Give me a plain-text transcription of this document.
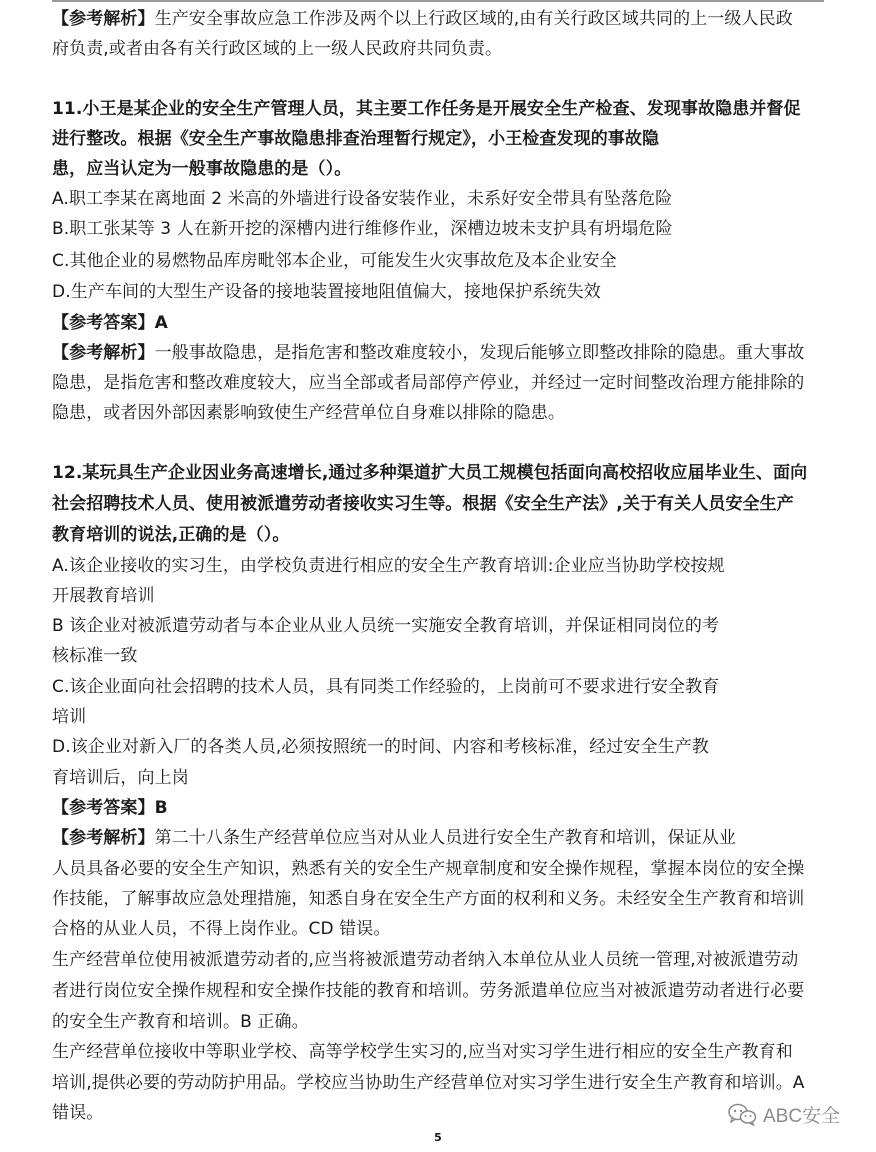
【参考解析】生产安全事故应急工作涉及两个以上行政区域的,由有关行政区域共同的上一级人民政
府负责,或者由各有关行政区域的上一级人民政府共同负责。
11.小王是某企业的安全生产管理人员，其主要工作任务是开展安全生产检查、发现事故隐患并督促
进行整改。根据《安全生产事故隐患排查治理暂行规定》，小王检查发现的事故隐
患，应当认定为一般事故隐患的是（）。
A.职工李某在离地面 2 米高的外墙进行设备安装作业，未系好安全带具有坠落危险
B.职工张某等 3 人在新开挖的深槽内进行维修作业，深槽边坡未支护具有坍塌危险
C.其他企业的易燃物品库房毗邻本企业，可能发生火灾事故危及本企业安全
D.生产车间的大型生产设备的接地装置接地阻值偏大，接地保护系统失效
【参考答案】A
【参考解析】一般事故隐患，是指危害和整改难度较小，发现后能够立即整改排除的隐患。重大事故
隐患，是指危害和整改难度较大，应当全部或者局部停产停业，并经过一定时间整改治理方能排除的
隐患，或者因外部因素影响致使生产经营单位自身难以排除的隐患。
12.某玩具生产企业因业务高速增长,通过多种渠道扩大员工规模包括面向高校招收应届毕业生、面向
社会招聘技术人员、使用被派遣劳动者接收实习生等。根据《安全生产法》,关于有关人员安全生产
教育培训的说法,正确的是（）。
A.该企业接收的实习生，由学校负责进行相应的安全生产教育培训:企业应当协助学校按规
开展教育培训
B 该企业对被派遣劳动者与本企业从业人员统一实施安全教育培训，并保证相同岗位的考
核标准一致
C.该企业面向社会招聘的技术人员，具有同类工作经验的，上岗前可不要求进行安全教育
培训
D.该企业对新入厂的各类人员,必须按照统一的时间、内容和考核标准，经过安全生产教
育培训后，向上岗
【参考答案】B
【参考解析】第二十八条生产经营单位应当对从业人员进行安全生产教育和培训，保证从业
人员具备必要的安全生产知识，熟悉有关的安全生产规章制度和安全操作规程，掌握本岗位的安全操
作技能，了解事故应急处理措施，知悉自身在安全生产方面的权利和义务。未经安全生产教育和培训
合格的从业人员，不得上岗作业。CD 错误。
生产经营单位使用被派遣劳动者的,应当将被派遣劳动者纳入本单位从业人员统一管理,对被派遣劳动
者进行岗位安全操作规程和安全操作技能的教育和培训。劳务派遣单位应当对被派遣劳动者进行必要
的安全生产教育和培训。B 正确。
生产经营单位接收中等职业学校、高等学校学生实习的,应当对实习学生进行相应的安全生产教育和
培训,提供必要的劳动防护用品。学校应当协助生产经营单位对实习学生进行安全生产教育和培训。A
错误。
5
ABC安全
